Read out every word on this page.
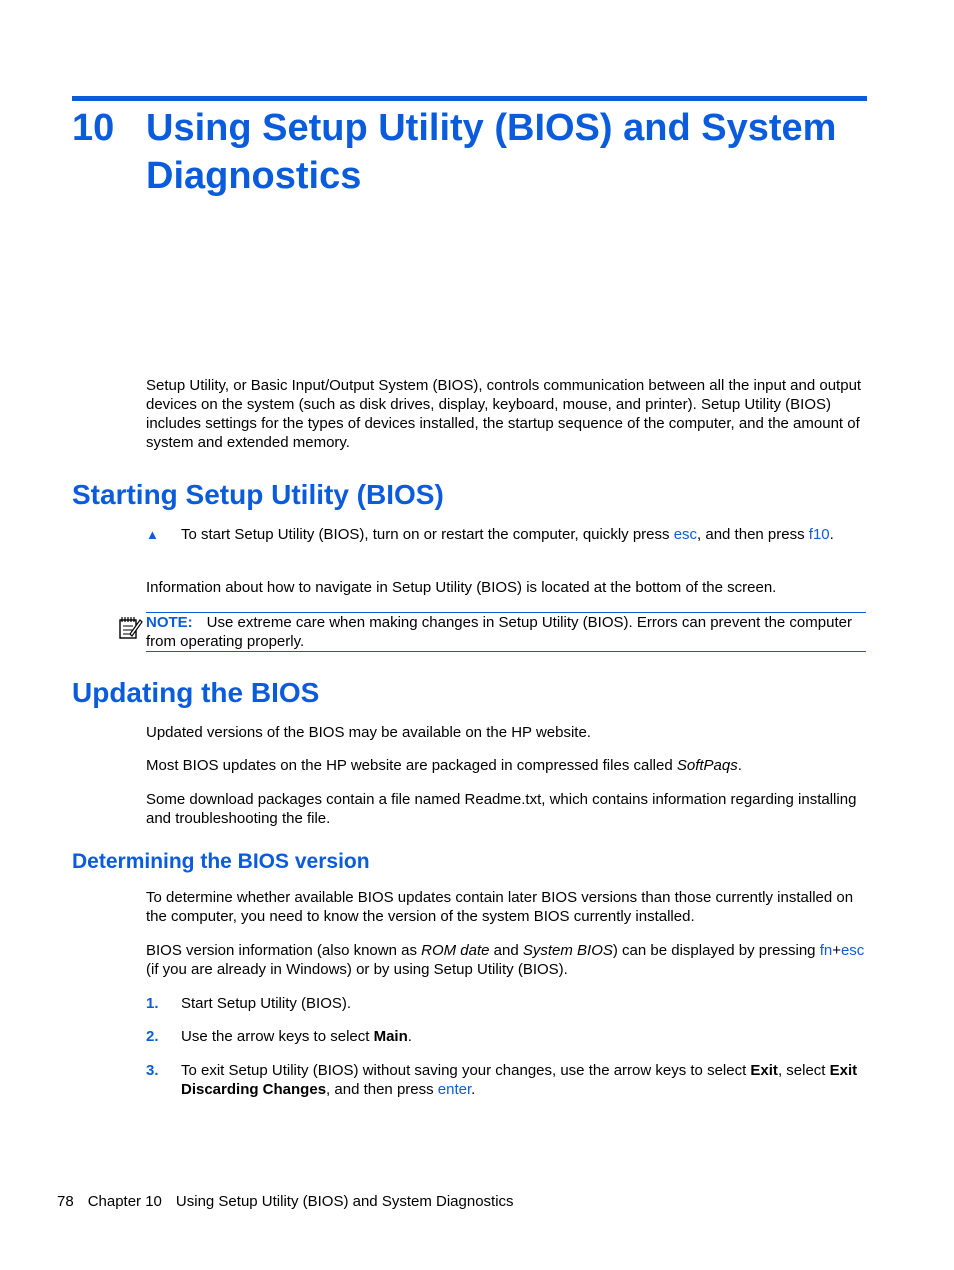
10 Using Setup Utility (BIOS) and System Diagnostics

Setup Utility, or Basic Input/Output System (BIOS), controls communication between all the input and output devices on the system (such as disk drives, display, keyboard, mouse, and printer). Setup Utility (BIOS) includes settings for the types of devices installed, the startup sequence of the computer, and the amount of system and extended memory.

Starting Setup Utility (BIOS)
▲ To start Setup Utility (BIOS), turn on or restart the computer, quickly press esc, and then press f10.

Information about how to navigate in Setup Utility (BIOS) is located at the bottom of the screen.

NOTE: Use extreme care when making changes in Setup Utility (BIOS). Errors can prevent the computer from operating properly.

Updating the BIOS

Updated versions of the BIOS may be available on the HP website.

Most BIOS updates on the HP website are packaged in compressed files called SoftPaqs.

Some download packages contain a file named Readme.txt, which contains information regarding installing and troubleshooting the file.

Determining the BIOS version

To determine whether available BIOS updates contain later BIOS versions than those currently installed on the computer, you need to know the version of the system BIOS currently installed.

BIOS version information (also known as ROM date and System BIOS) can be displayed by pressing fn+esc (if you are already in Windows) or by using Setup Utility (BIOS).

1. Start Setup Utility (BIOS).

2. Use the arrow keys to select Main.

3. To exit Setup Utility (BIOS) without saving your changes, use the arrow keys to select Exit, select Exit Discarding Changes, and then press enter.

78 Chapter 10 Using Setup Utility (BIOS) and System Diagnostics
